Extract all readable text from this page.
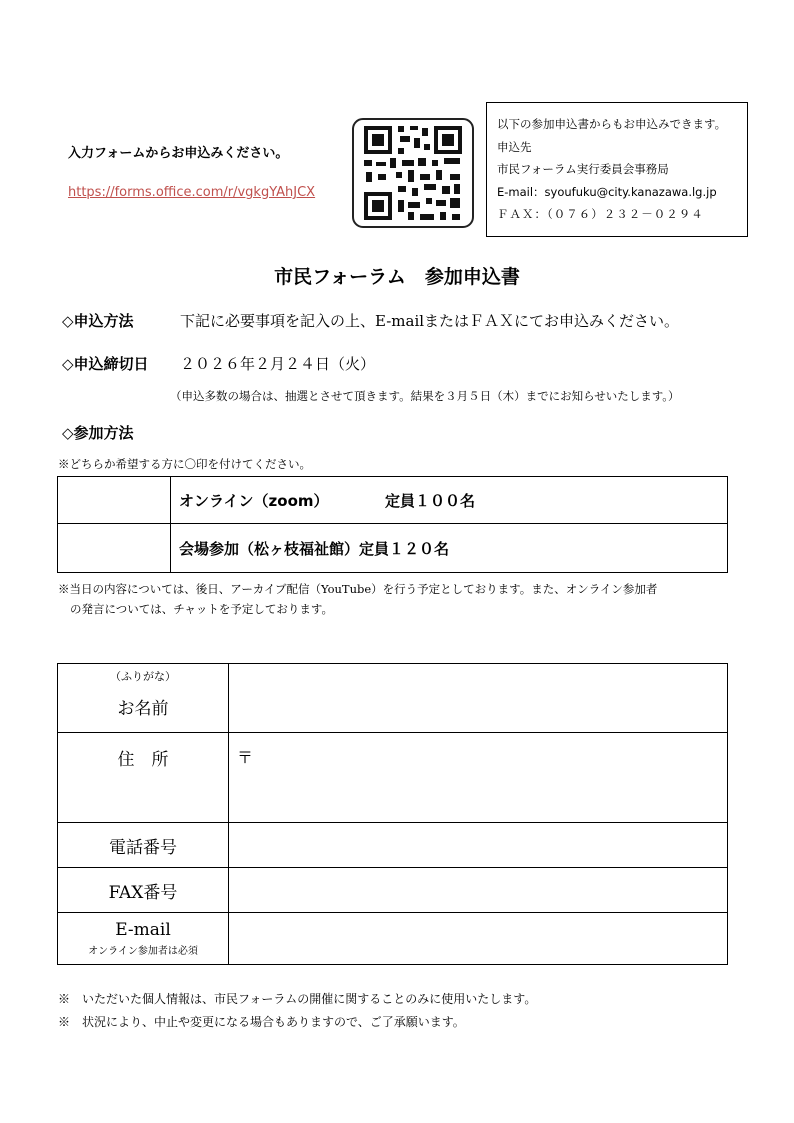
入力フォームからお申込みください。
https://forms.office.com/r/vgkgYAhJCX
以下の参加申込書からもお申込みできます。
申込先
市民フォーラム実行委員会事務局
E-mail：syoufuku@city.kanazawa.lg.jp
ＦＡＸ：（０７６）２３２－０２９４
市民フォーラム　参加申込書
◇申込方法	下記に必要事項を記入の上、E-mailまたはＦＡＸにてお申込みください。
◇申込締切日 ２０２６年２月２４日（火）
（申込多数の場合は、抽選とさせて頂きます。結果を３月５日（木）までにお知らせいたします。）
◇参加方法
※どちらか希望する方に〇印を付けてください。
	オンライン（zoom） 定員１００名
	会場参加（松ヶ枝福祉館）定員１２０名
※当日の内容については、後日、アーカイブ配信（YouTube）を行う予定としております。また、オンライン参加者
の発言については、チャットを予定しております。
（ふりがな）
お名前	

住　所	〒

電話番号	
FAX番号	

E-mail
オンライン参加者は必須	

※　いただいた個人情報は、市民フォーラムの開催に関することのみに使用いたします。
※　状況により、中止や変更になる場合もありますので、ご了承願います。
